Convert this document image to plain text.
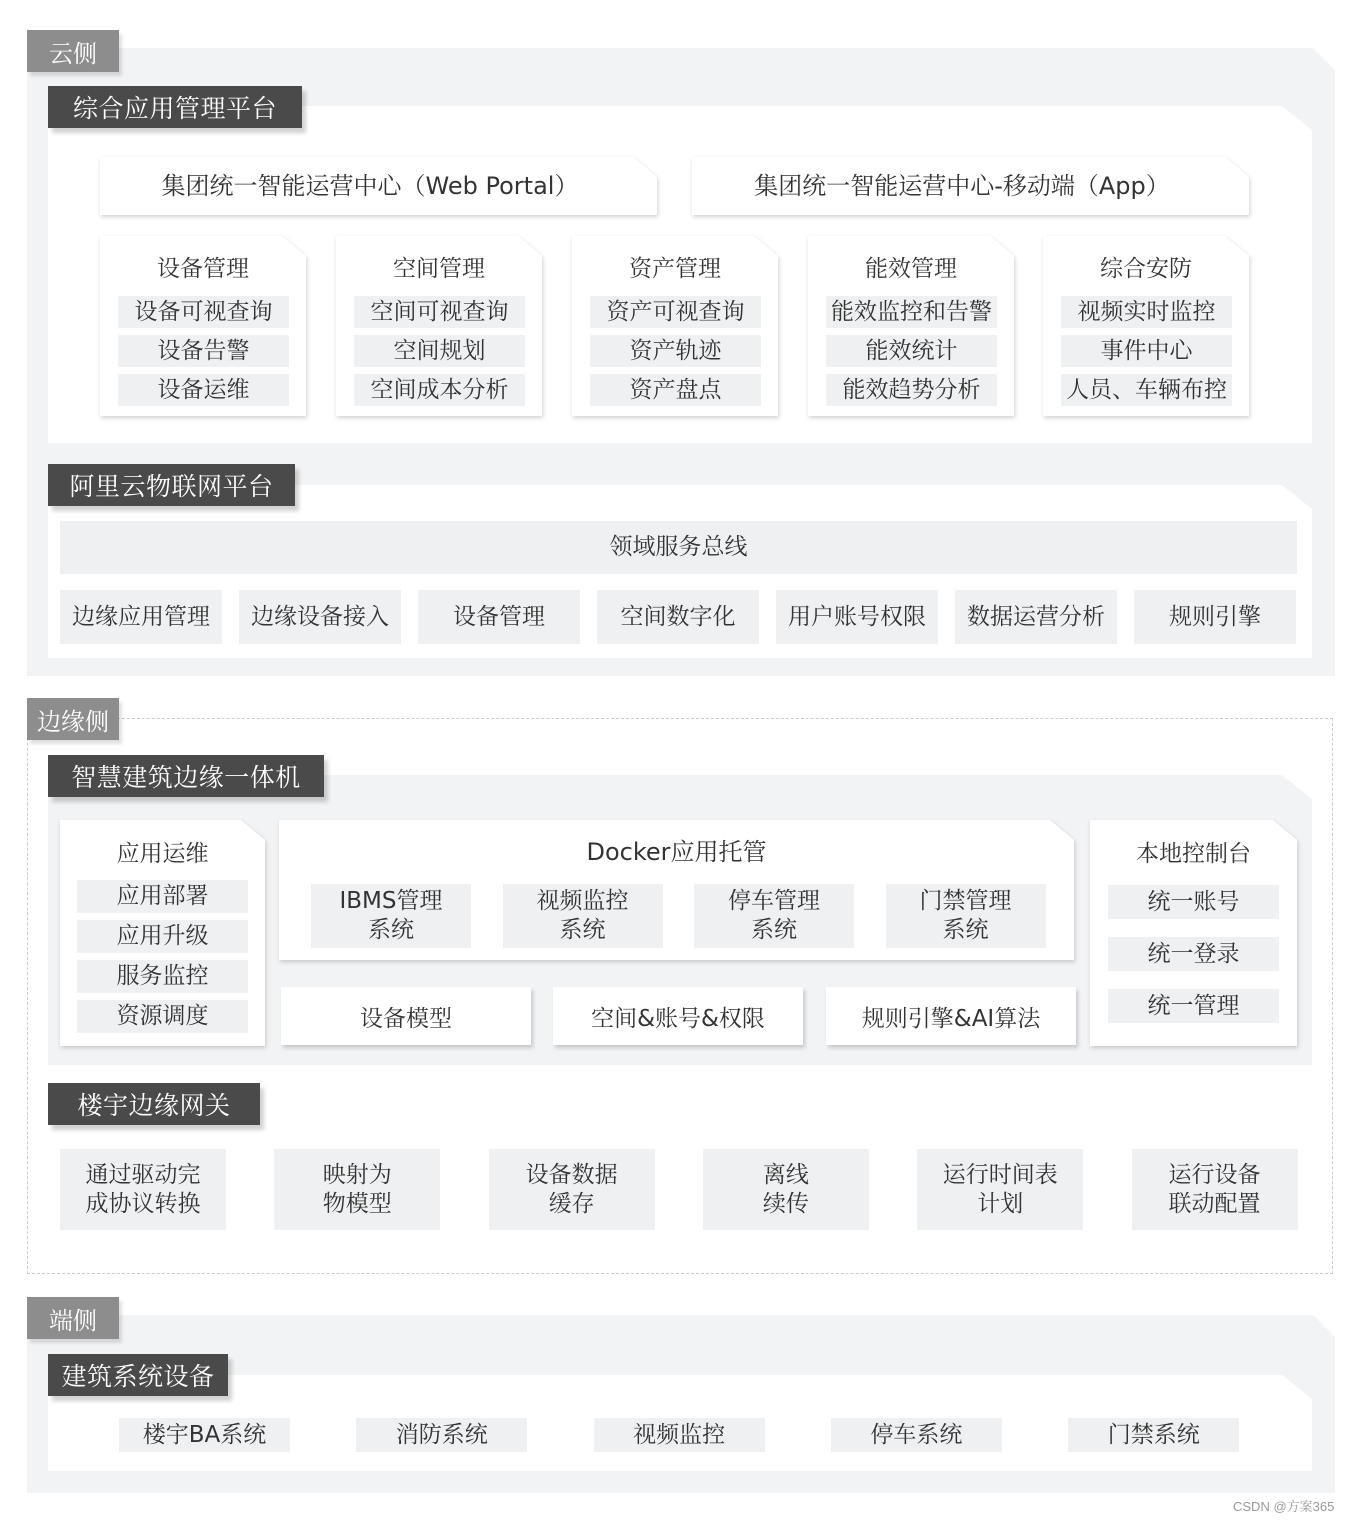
云侧
综合应用管理平台
集团统一智能运营中心（Web Portal）	集团统一智能运营中心-移动端（App）
阿里云物联网平台
领域服务总线
边缘侧
智慧建筑边缘一体机
应用运维	Docker应用托管	本地控制台
楼宇边缘网关
端侧
建筑系统设备
CSDN @方案365
设备管理
设备可视查询
设备告警
设备运维
空间管理
空间可视查询
空间规划
空间成本分析
资产管理
资产可视查询
资产轨迹
资产盘点
能效管理
能效监控和告警
能效统计
能效趋势分析
综合安防
视频实时监控
事件中心
人员、车辆布控
边缘应用管理	边缘设备接入	设备管理	空间数字化	用户账号权限	数据运营分析	规则引擎
应用部署
应用升级
服务监控
资源调度
IBMS管理
系统
视频监控
系统
停车管理
系统
门禁管理
系统
设备模型	空间&账号&权限	规则引擎&AI算法
统一账号
统一登录
统一管理
通过驱动完
成协议转换
映射为
物模型
设备数据
缓存
离线
续传
运行时间表
计划
运行设备
联动配置
楼宇BA系统	消防系统	视频监控	停车系统	门禁系统
